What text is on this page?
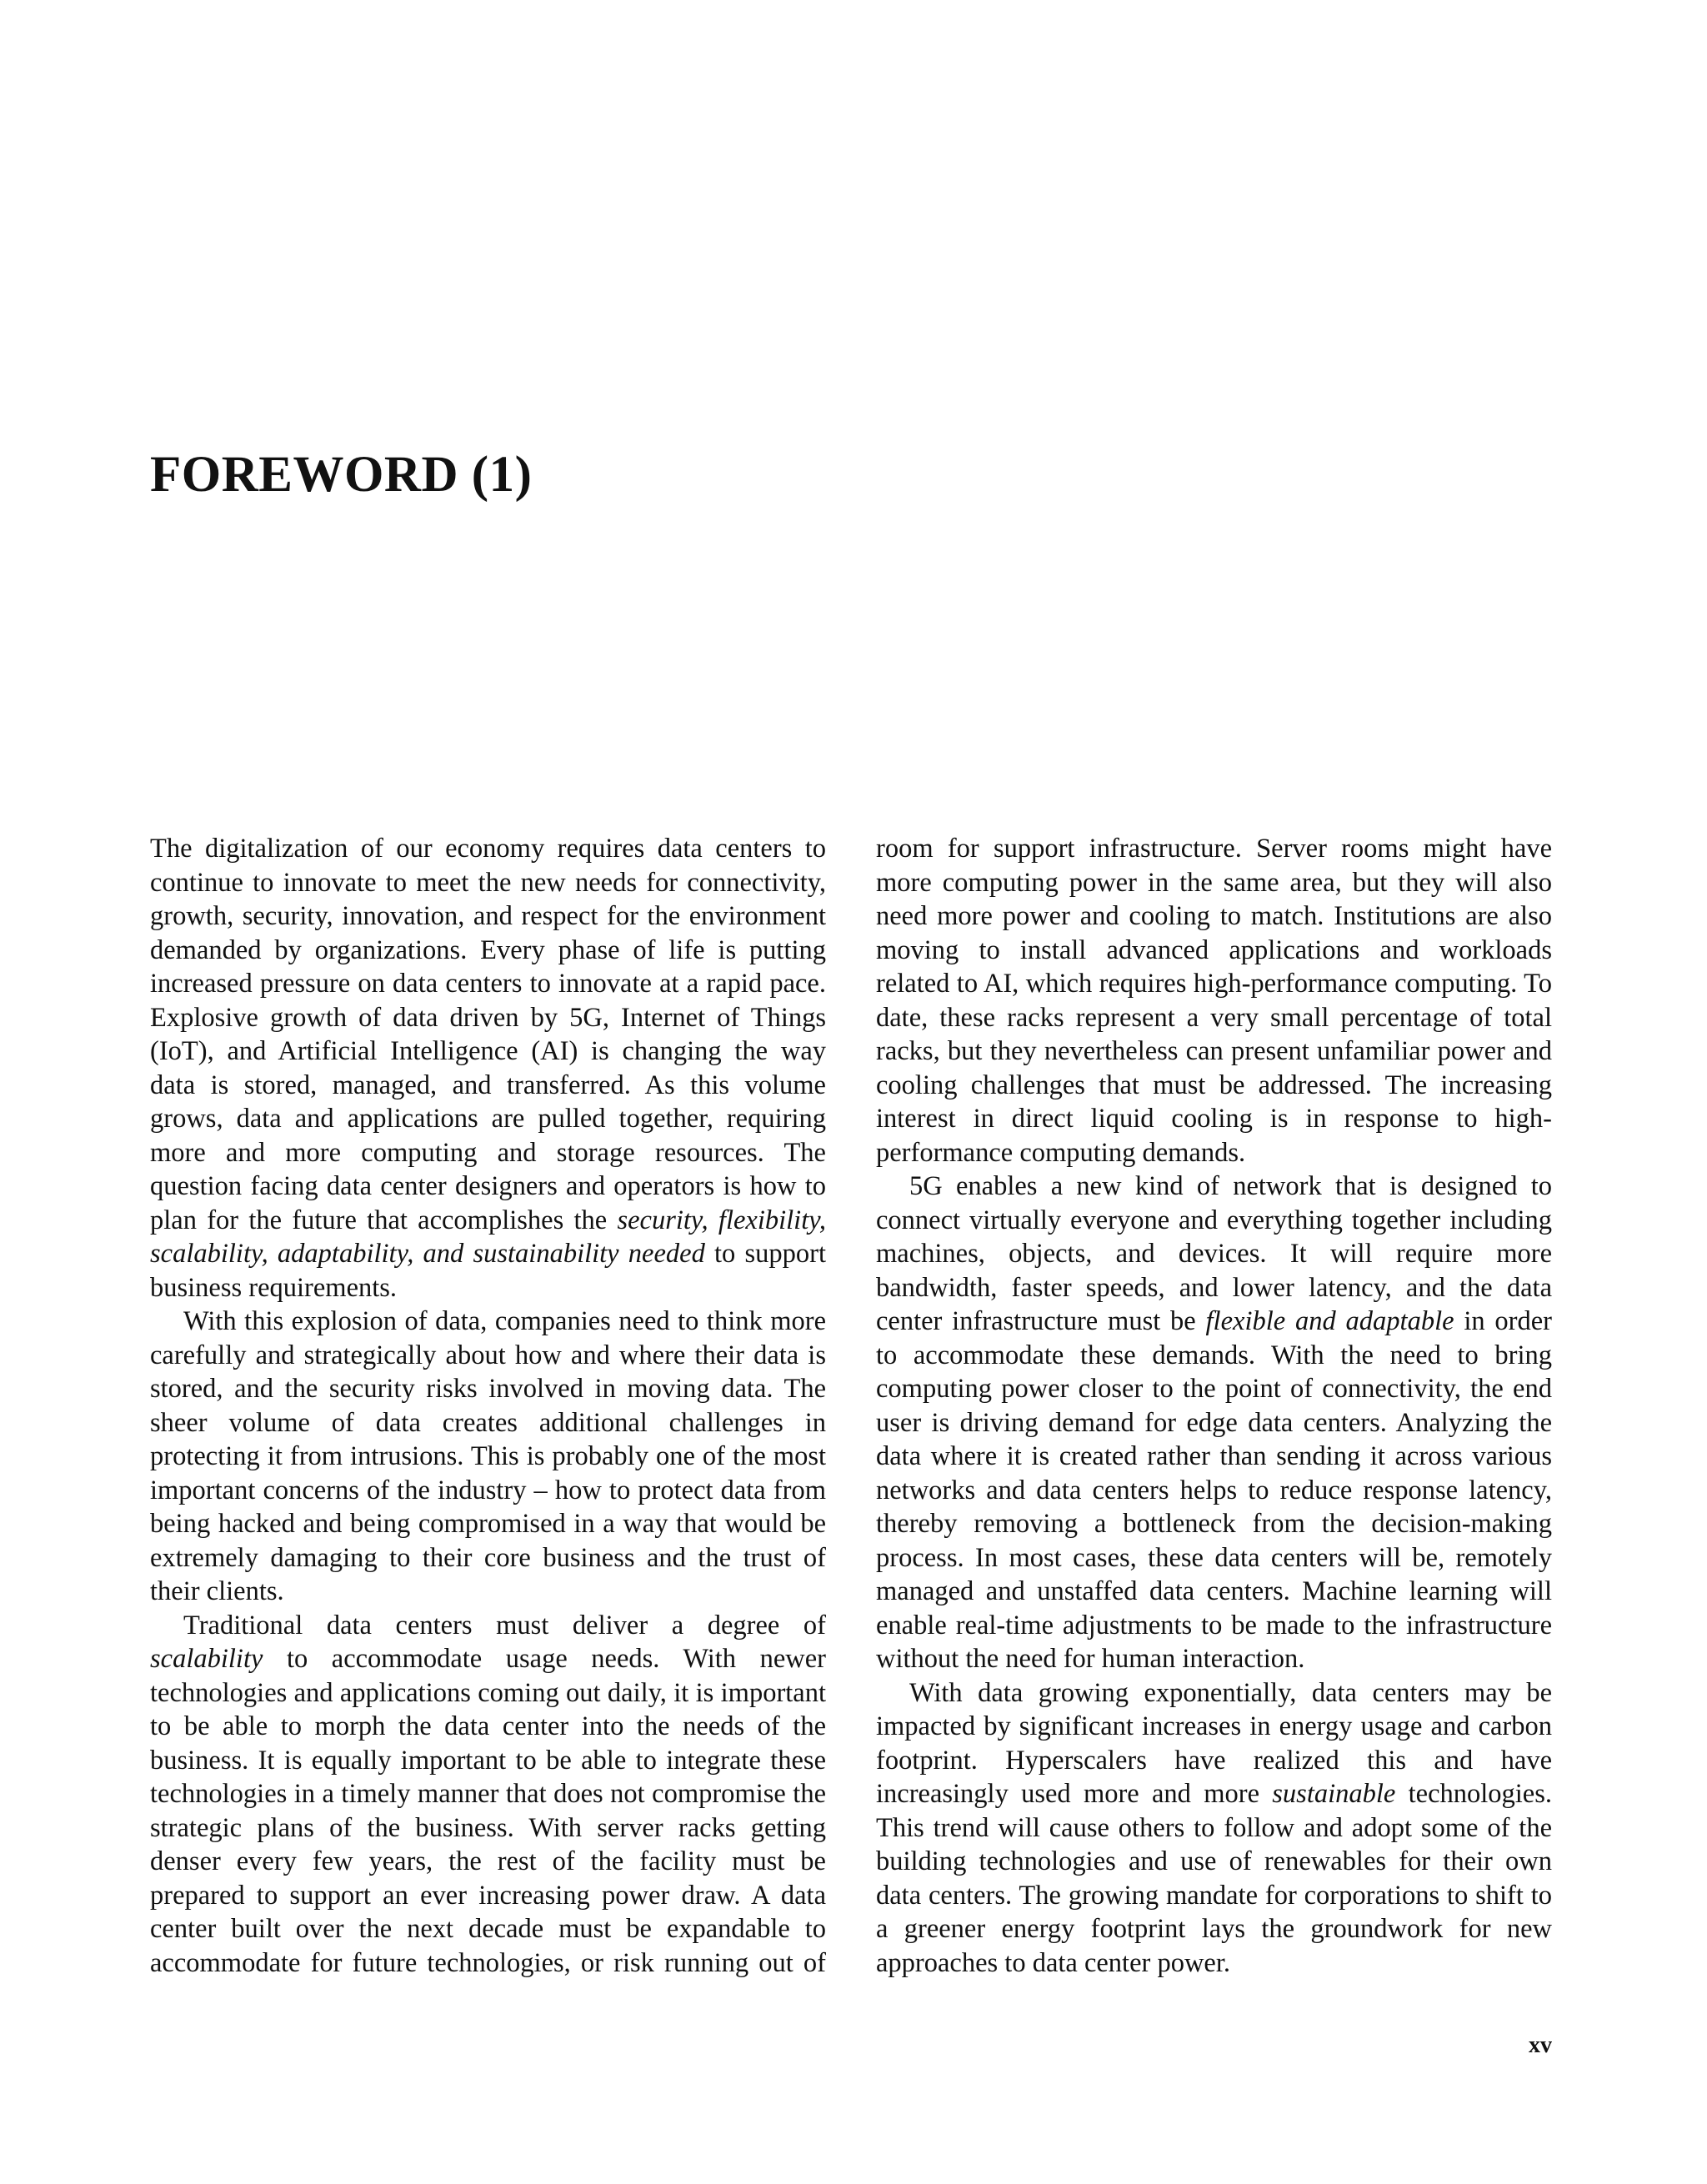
FOREWORD (1)

The digitalization of our economy requires data centers to continue to innovate to meet the new needs for connectivity, growth, security, innovation, and respect for the environment demanded by organizations. Every phase of life is putting increased pressure on data centers to innovate at a rapid pace. Explosive growth of data driven by 5G, Internet of Things (IoT), and Artificial Intelligence (AI) is changing the way data is stored, managed, and transferred. As this volume grows, data and applications are pulled together, requiring more and more computing and storage resources. The question facing data center designers and operators is how to plan for the future that accomplishes the security, flexibility, scalability, adaptability, and sustainability needed to support business requirements.

With this explosion of data, companies need to think more carefully and strategically about how and where their data is stored, and the security risks involved in moving data. The sheer volume of data creates additional challenges in protecting it from intrusions. This is probably one of the most important concerns of the industry – how to protect data from being hacked and being compromised in a way that would be extremely damaging to their core business and the trust of their clients.

Traditional data centers must deliver a degree of scalability to accommodate usage needs. With newer technologies and applications coming out daily, it is important to be able to morph the data center into the needs of the business. It is equally important to be able to integrate these technologies in a timely manner that does not compromise the strategic plans of the business. With server racks getting denser every few years, the rest of the facility must be prepared to support an ever increasing power draw. A data center built over the next decade must be expandable to accommodate for future technologies, or risk running out of room for support infrastructure. Server rooms might have more computing power in the same area, but they will also need more power and cooling to match. Institutions are also moving to install advanced applications and workloads related to AI, which requires high-performance computing. To date, these racks represent a very small percentage of total racks, but they nevertheless can present unfamiliar power and cooling challenges that must be addressed. The increasing interest in direct liquid cooling is in response to high-performance computing demands.

5G enables a new kind of network that is designed to connect virtually everyone and everything together including machines, objects, and devices. It will require more bandwidth, faster speeds, and lower latency, and the data center infrastructure must be flexible and adaptable in order to accommodate these demands. With the need to bring computing power closer to the point of connectivity, the end user is driving demand for edge data centers. Analyzing the data where it is created rather than sending it across various networks and data centers helps to reduce response latency, thereby removing a bottleneck from the decision-making process. In most cases, these data centers will be, remotely managed and unstaffed data centers. Machine learning will enable real-time adjustments to be made to the infrastructure without the need for human interaction.

With data growing exponentially, data centers may be impacted by significant increases in energy usage and carbon footprint. Hyperscalers have realized this and have increasingly used more and more sustainable technologies. This trend will cause others to follow and adopt some of the building technologies and use of renewables for their own data centers. The growing mandate for corporations to shift to a greener energy footprint lays the groundwork for new approaches to data center power.

xv
